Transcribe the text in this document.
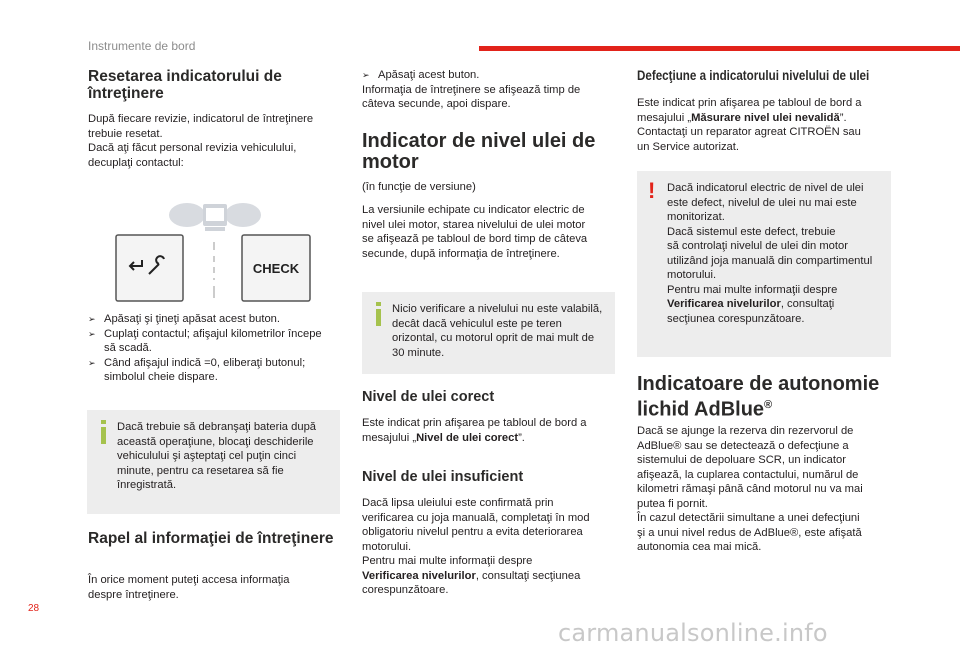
Instrumente de bord
Resetarea indicatorului de întreţinere
După fiecare revizie, indicatorul de întreţinere
trebuie resetat.
Dacă aţi făcut personal revizia vehiculului,
decuplaţi contactul:
CHECK
➢ Apăsaţi şi ţineţi apăsat acest buton.
➢ Cuplaţi contactul; afişajul kilometrilor începe
să scadă.
➢ Când afişajul indică =0, eliberaţi butonul;
simbolul cheie dispare.
Dacă trebuie să debranşaţi bateria după
această operaţiune, blocaţi deschiderile
vehiculului şi aşteptaţi cel puţin cinci
minute, pentru ca resetarea să fie
înregistrată.
Rapel al informaţiei de întreţinere
În orice moment puteţi accesa informaţia
despre întreţinere.
➢ Apăsaţi acest buton.
Informaţia de întreţinere se afişează timp de
câteva secunde, apoi dispare.
Indicator de nivel ulei de
motor
(în funcţie de versiune)
La versiunile echipate cu indicator electric de
nivel ulei motor, starea nivelului de ulei motor
se afişează pe tabloul de bord timp de câteva
secunde, după informaţia de întreţinere.
Nicio verificare a nivelului nu este valabilă,
decât dacă vehiculul este pe teren
orizontal, cu motorul oprit de mai mult de
30 minute.
Nivel de ulei corect
Este indicat prin afişarea pe tabloul de bord a
mesajului „Nivel de ulei corect”.
Nivel de ulei insuficient
Dacă lipsa uleiului este confirmată prin
verificarea cu joja manuală, completaţi în mod
obligatoriu nivelul pentru a evita deteriorarea
motorului.
Pentru mai multe informaţii despre
Verificarea nivelurilor, consultaţi secţiunea
corespunzătoare.
Defecţiune a indicatorului nivelului de ulei
Este indicat prin afişarea pe tabloul de bord a
mesajului „Măsurare nivel ulei nevalidă”.
Contactaţi un reparator agreat CITROËN sau
un Service autorizat.
! Dacă indicatorul electric de nivel de ulei
este defect, nivelul de ulei nu mai este
monitorizat.
Dacă sistemul este defect, trebuie
să controlaţi nivelul de ulei din motor
utilizând joja manuală din compartimentul
motorului.
Pentru mai multe informaţii despre
Verificarea nivelurilor, consultaţi
secţiunea corespunzătoare.
Indicatoare de autonomie
lichid AdBlue®
Dacă se ajunge la rezerva din rezervorul de
AdBlue® sau se detectează o defecţiune a
sistemului de depoluare SCR, un indicator
afişează, la cuplarea contactului, numărul de
kilometri rămaşi până când motorul nu va mai
putea fi pornit.
În cazul detectării simultane a unei defecţiuni
şi a unui nivel redus de AdBlue®, este afişată
autonomia cea mai mică.
28
carmanualsonline.info
